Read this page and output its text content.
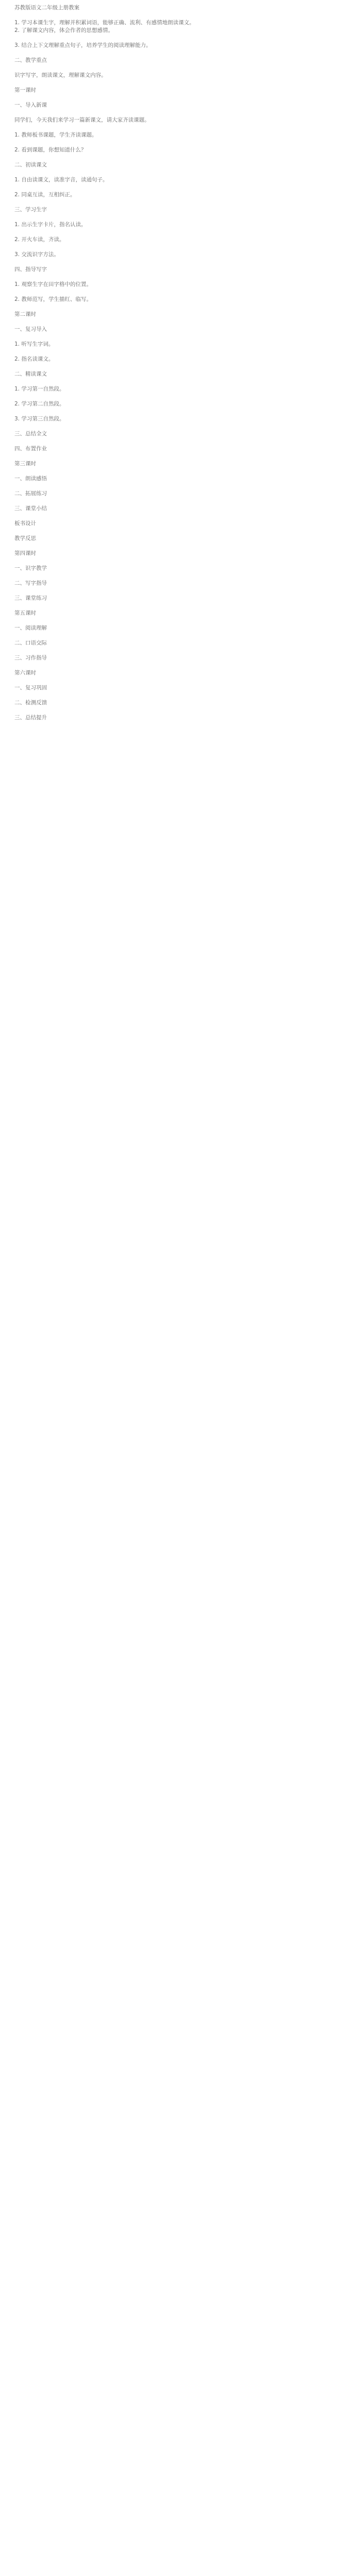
苏教版语文二年级上册教案
1. 学习本课生字，理解并积累词语，能够正确、流利、有感情地朗读课文。
2. 了解课文内容，体会作者的思想感情。
3. 结合上下文理解重点句子，培养学生的阅读理解能力。
二、教学重点
识字写字，朗读课文，理解课文内容。
第一课时
一、导入新课
同学们，今天我们来学习一篇新课文，请大家齐读课题。
1. 教师板书课题，学生齐读课题。
2. 看到课题，你想知道什么？
二、初读课文
1. 自由读课文，读准字音，读通句子。
2. 同桌互读，互相纠正。
三、学习生字
1. 出示生字卡片，指名认读。
2. 开火车读，齐读。
3. 交流识字方法。
四、指导写字
1. 观察生字在田字格中的位置。
2. 教师范写，学生描红、临写。
第二课时
一、复习导入
1. 听写生字词。
2. 指名读课文。
二、精读课文
1. 学习第一自然段。
2. 学习第二自然段。
3. 学习第三自然段。
三、总结全文
四、布置作业
第三课时
一、朗读感悟
二、拓展练习
三、课堂小结
板书设计
教学反思
第四课时
一、识字教学
二、写字指导
三、课堂练习
第五课时
一、阅读理解
二、口语交际
三、习作指导
第六课时
一、复习巩固
二、检测反馈
三、总结提升
